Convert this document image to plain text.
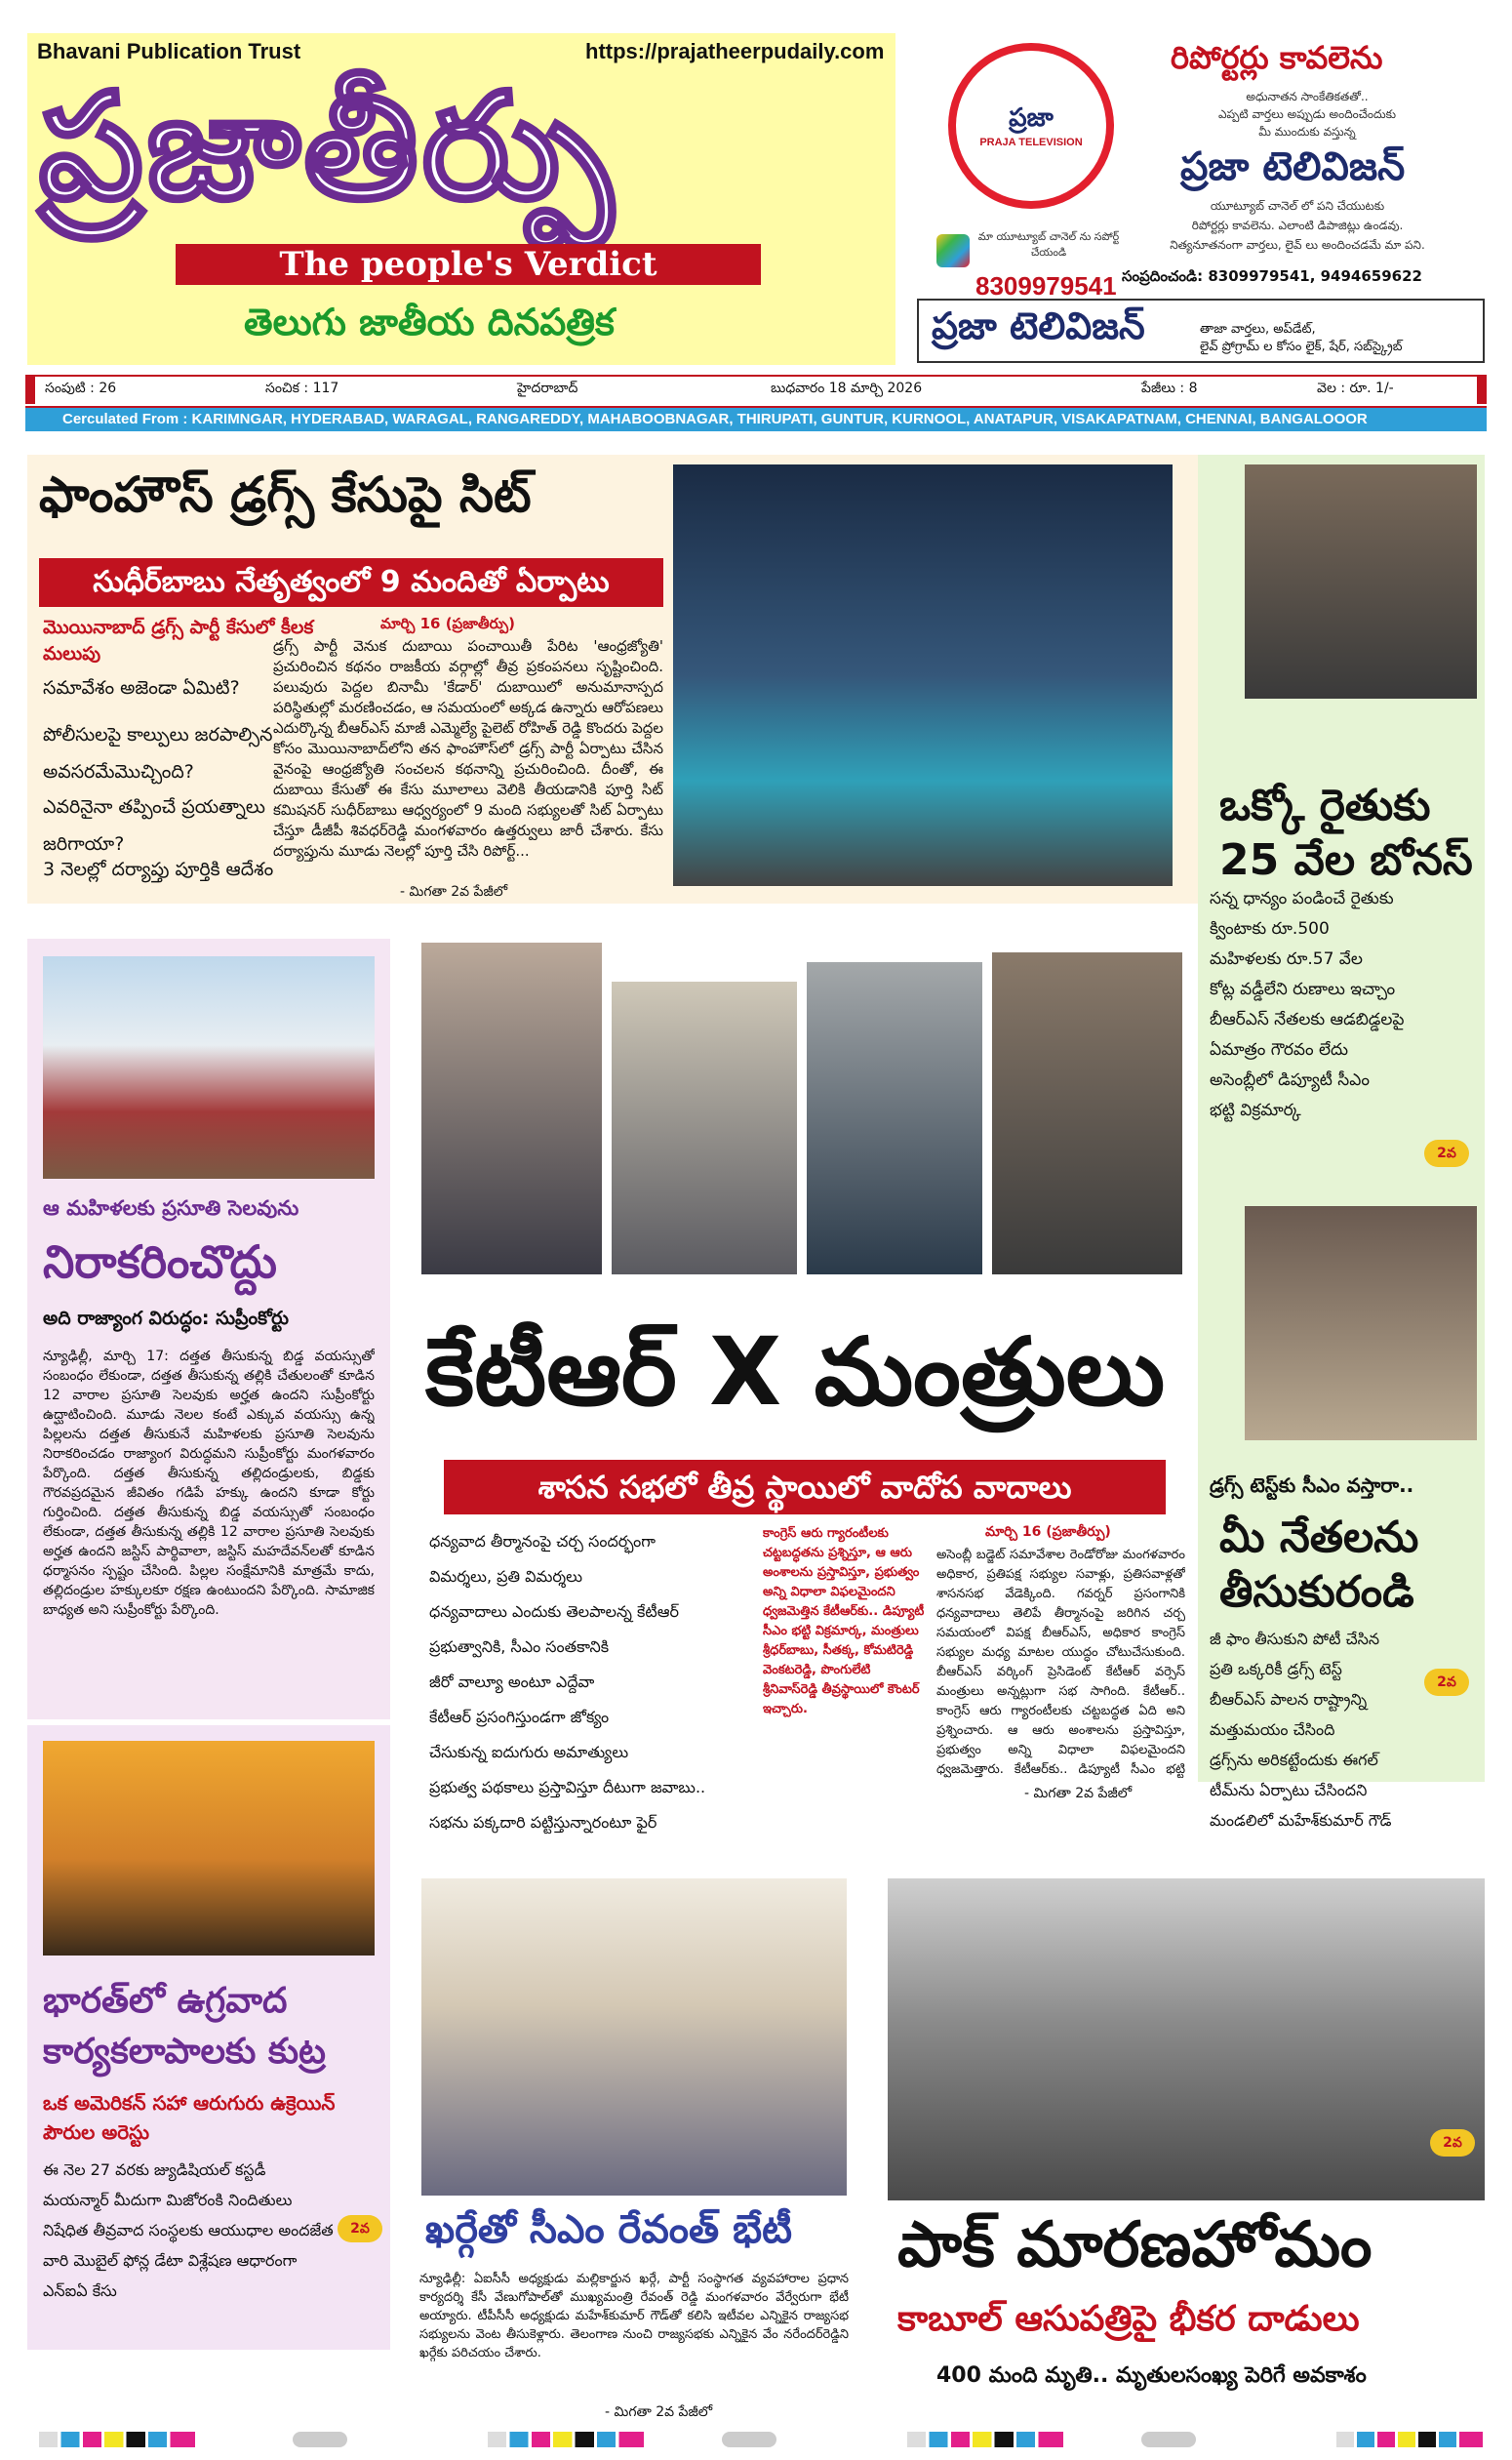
Bhavani Publication Trust	https://prajatheerpudaily.com
ప్రజాతీర్పు
The people's Verdict
తెలుగు జాతీయ దినపత్రిక
ప్రజా
PRAJA TELEVISION
రిపోర్టర్లు కావలెను
అధునాతన సాంకేతికతతో..
ఎప్పటి వార్తలు అప్పుడు అందించేందుకు
మీ ముందుకు వస్తున్న
ప్రజా టెలివిజన్
యూట్యూబ్ చానెల్ లో పని చేయుటకు
రిపోర్టర్లు కావలెను. ఎలాంటి డిపాజిట్లు ఉండవు.
నిత్యనూతనంగా వార్తలు, లైవ్ లు అందించడమే మా పని.
మా యూట్యూబ్ చానెల్ ను సపోర్ట్ చేయండి
8309979541 సంప్రదించండి: 8309979541, 9494659622
ప్రజా టెలివిజన్	తాజా వార్తలు, అప్‌డేట్,
లైవ్ ప్రోగ్రామ్ ల కోసం లైక్, షేర్, సబ్‌స్క్రైబ్
సంపుటి : 26	సంచిక : 117	హైదరాబాద్	బుధవారం 18 మార్చి 2026	పేజీలు : 8	వెల : రూ. 1/-
Cerculated From : KARIMNGAR, HYDERABAD, WARAGAL, RANGAREDDY, MAHABOOBNAGAR, THIRUPATI, GUNTUR, KURNOOL, ANATAPUR, VISAKAPATNAM, CHENNAI, BANGALOOOR
ఫాంహౌస్ డ్రగ్స్ కేసుపై సిట్
సుధీర్‌బాబు నేతృత్వంలో 9 మందితో ఏర్పాటు
మొయినాబాద్ డ్రగ్స్ పార్టీ కేసులో కీలక మలుపు
సమావేశం అజెండా ఏమిటి?
పోలీసులపై కాల్పులు జరపాల్సిన అవసరమేమొచ్చింది?
ఎవరినైనా తప్పించే ప్రయత్నాలు జరిగాయా?
3 నెలల్లో దర్యాప్తు పూర్తికి ఆదేశం
మార్చి 16 (ప్రజాతీర్పు)
డ్రగ్స్ పార్టీ వెనుక దుబాయి పంచాయితీ పేరిట 'ఆంధ్రజ్యోతి' ప్రచురించిన కథనం రాజకీయ వర్గాల్లో తీవ్ర ప్రకంపనలు సృష్టించింది. పలువురు పెద్దల బినామీ 'కేడార్' దుబాయిలో అనుమానాస్పద పరిస్థితుల్లో మరణించడం, ఆ సమయంలో అక్కడ ఉన్నారు ఆరోపణలు ఎదుర్కొన్న బీఆర్‌ఎస్ మాజీ ఎమ్మెల్యే పైలెట్ రోహిత్ రెడ్డి కొందరు పెద్దల కోసం మొయినాబాద్‌లోని తన ఫాంహౌస్‌లో డ్రగ్స్ పార్టీ ఏర్పాటు చేసిన వైనంపై ఆంధ్రజ్యోతి సంచలన కథనాన్ని ప్రచురించింది. దీంతో, ఈ దుబాయి కేసుతో ఈ కేసు మూలాలు వెలికి తీయడానికి పూర్తి సిట్ కమిషనర్ సుధీర్‌బాబు ఆధ్వర్యంలో 9 మంది సభ్యులతో సిట్ ఏర్పాటు చేస్తూ డీజీపీ శివధర్‌రెడ్డి మంగళవారం ఉత్తర్వులు జారీ చేశారు. కేసు దర్యాప్తును మూడు నెలల్లో పూర్తి చేసి రిపోర్ట్...
- మిగతా 2వ పేజీలో
ఒక్కో రైతుకు
25 వేల బోనస్
సన్న ధాన్యం పండించే రైతుకు
క్వింటాకు రూ.500
మహిళలకు రూ.57 వేల
కోట్ల వడ్డీలేని రుణాలు ఇచ్చాం
బీఆర్‌ఎస్ నేతలకు ఆడబిడ్డలపై
ఏమాత్రం గౌరవం లేదు
అసెంబ్లీలో డిప్యూటీ సీఎం
భట్టి విక్రమార్క
2వ
డ్రగ్స్ టెస్ట్‌కు సీఎం వస్తారా..
మీ నేతలను
తీసుకురండి
జీ ఫాం తీసుకుని పోటీ చేసిన
ప్రతి ఒక్కరికీ డ్రగ్స్ టెస్ట్
బీఆర్‌ఎస్ పాలన రాష్ట్రాన్ని
మత్తుమయం చేసింది
డ్రగ్స్‌ను అరికట్టేందుకు ఈగల్
టీమ్‌ను ఏర్పాటు చేసిందని
మండలిలో మహేశ్‌కుమార్ గౌడ్
2వ
ఆ మహిళలకు ప్రసూతి సెలవును
నిరాకరించొద్దు
అది రాజ్యాంగ విరుద్ధం: సుప్రీంకోర్టు
న్యూఢిల్లీ, మార్చి 17: దత్తత తీసుకున్న బిడ్డ వయస్సుతో సంబంధం లేకుండా, దత్తత తీసుకున్న తల్లికి చేతులంతో కూడిన 12 వారాల ప్రసూతి సెలవుకు అర్హత ఉందని సుప్రీంకోర్టు ఉద్ఘాటించింది. మూడు నెలల కంటే ఎక్కువ వయస్సు ఉన్న పిల్లలను దత్తత తీసుకునే మహిళలకు ప్రసూతి సెలవును నిరాకరించడం రాజ్యాంగ విరుద్ధమని సుప్రీంకోర్టు మంగళవారం పేర్కొంది. దత్తత తీసుకున్న తల్లిదండ్రులకు, బిడ్డకు గౌరవప్రదమైన జీవితం గడిపే హక్కు ఉందని కూడా కోర్టు గుర్తించింది. దత్తత తీసుకున్న బిడ్డ వయస్సుతో సంబంధం లేకుండా, దత్తత తీసుకున్న తల్లికి 12 వారాల ప్రసూతి సెలవుకు అర్హత ఉందని జస్టిస్ పార్థివాలా, జస్టిస్ మహదేవన్‌లతో కూడిన ధర్మాసనం స్పష్టం చేసింది. పిల్లల సంక్షేమానికి మాత్రమే కాదు, తల్లిదండ్రుల హక్కులకూ రక్షణ ఉంటుందని పేర్కొంది. సామాజిక బాధ్యత అని సుప్రీంకోర్టు పేర్కొంది.
భారత్‌లో ఉగ్రవాద
కార్యకలాపాలకు కుట్ర
ఒక అమెరికన్ సహా ఆరుగురు ఉక్రెయిన్ పౌరుల అరెస్టు
ఈ నెల 27 వరకు జ్యుడిషియల్ కస్టడీ
మయన్మార్ మీదుగా మిజోరంకి నిందితులు
నిషేధిత తీవ్రవాద సంస్థలకు ఆయుధాల అందజేత
వారి మొబైల్ ఫోన్ల డేటా విశ్లేషణ ఆధారంగా ఎన్ఐఏ కేసు
2వ
కేటీఆర్ X మంత్రులు
శాసన సభలో తీవ్ర స్థాయిలో వాదోప వాదాలు
ధన్యవాద తీర్మానంపై చర్చ సందర్భంగా
విమర్శలు, ప్రతి విమర్శలు
ధన్యవాదాలు ఎందుకు తెలపాలన్న కేటీఆర్
ప్రభుత్వానికి, సీఎం సంతకానికి
జీరో వాల్యూ అంటూ ఎద్దేవా
కేటీఆర్ ప్రసంగిస్తుండగా జోక్యం
చేసుకున్న ఐదుగురు అమాత్యులు
ప్రభుత్వ పథకాలు ప్రస్తావిస్తూ దీటుగా జవాబు..
సభను పక్కదారి పట్టిస్తున్నారంటూ ఫైర్
కాంగ్రెస్ ఆరు గ్యారంటీలకు చట్టబద్ధతను ప్రశ్నిస్తూ, ఆ ఆరు అంశాలను ప్రస్తావిస్తూ, ప్రభుత్వం అన్ని విధాలా విఫలమైందని ధ్వజమెత్తిన కేటీఆర్‌కు.. డిప్యూటీ సీఎం భట్టి విక్రమార్క, మంత్రులు శ్రీధర్‌బాబు, సీతక్క, కోమటిరెడ్డి వెంకటరెడ్డి, పొంగులేటి శ్రీనివాస్‌రెడ్డి తీవ్రస్థాయిలో కౌంటర్ ఇచ్చారు.
మార్చి 16 (ప్రజాతీర్పు)
అసెంబ్లీ బడ్జెట్ సమావేశాల రెండోరోజు మంగళవారం అధికార, ప్రతిపక్ష సభ్యుల సవాళ్లు, ప్రతిసవాళ్లతో శాసనసభ వేడెక్కింది. గవర్నర్ ప్రసంగానికి ధన్యవాదాలు తెలిపే తీర్మానంపై జరిగిన చర్చ సమయంలో విపక్ష బీఆర్‌ఎస్, అధికార కాంగ్రెస్ సభ్యుల మధ్య మాటల యుద్ధం చోటుచేసుకుంది. బీఆర్‌ఎస్ వర్కింగ్ ప్రెసిడెంట్ కేటీఆర్ వర్సెస్ మంత్రులు అన్నట్లుగా సభ సాగింది. కేటీఆర్.. కాంగ్రెస్ ఆరు గ్యారంటీలకు చట్టబద్ధత ఏది అని ప్రశ్నించారు. ఆ ఆరు అంశాలను ప్రస్తావిస్తూ, ప్రభుత్వం అన్ని విధాలా విఫలమైందని ధ్వజమెత్తారు. కేటీఆర్‌కు.. డిప్యూటీ సీఎం భట్టి
- మిగతా 2వ పేజీలో
ఖర్గేతో సీఎం రేవంత్ భేటీ
న్యూఢిల్లీ: ఏఐసీసీ అధ్యక్షుడు మల్లికార్జున ఖర్గే, పార్టీ సంస్థాగత వ్యవహారాల ప్రధాన కార్యదర్శి కేసీ వేణుగోపాల్‌తో ముఖ్యమంత్రి రేవంత్ రెడ్డి మంగళవారం వేర్వేరుగా భేటీ అయ్యారు. టీపీసీసీ అధ్యక్షుడు మహేశ్‌కుమార్ గౌడ్‌తో కలిసి ఇటీవల ఎన్నికైన రాజ్యసభ సభ్యులను వెంట తీసుకెళ్లారు. తెలంగాణ నుంచి రాజ్యసభకు ఎన్నికైన వేం నరేందర్‌రెడ్డిని ఖర్గేకు పరిచయం చేశారు.
- మిగతా 2వ పేజీలో
2వ
పాక్ మారణహోమం
కాబూల్ ఆసుపత్రిపై భీకర దాడులు
400 మంది మృతి.. మృతులసంఖ్య పెరిగే అవకాశం
